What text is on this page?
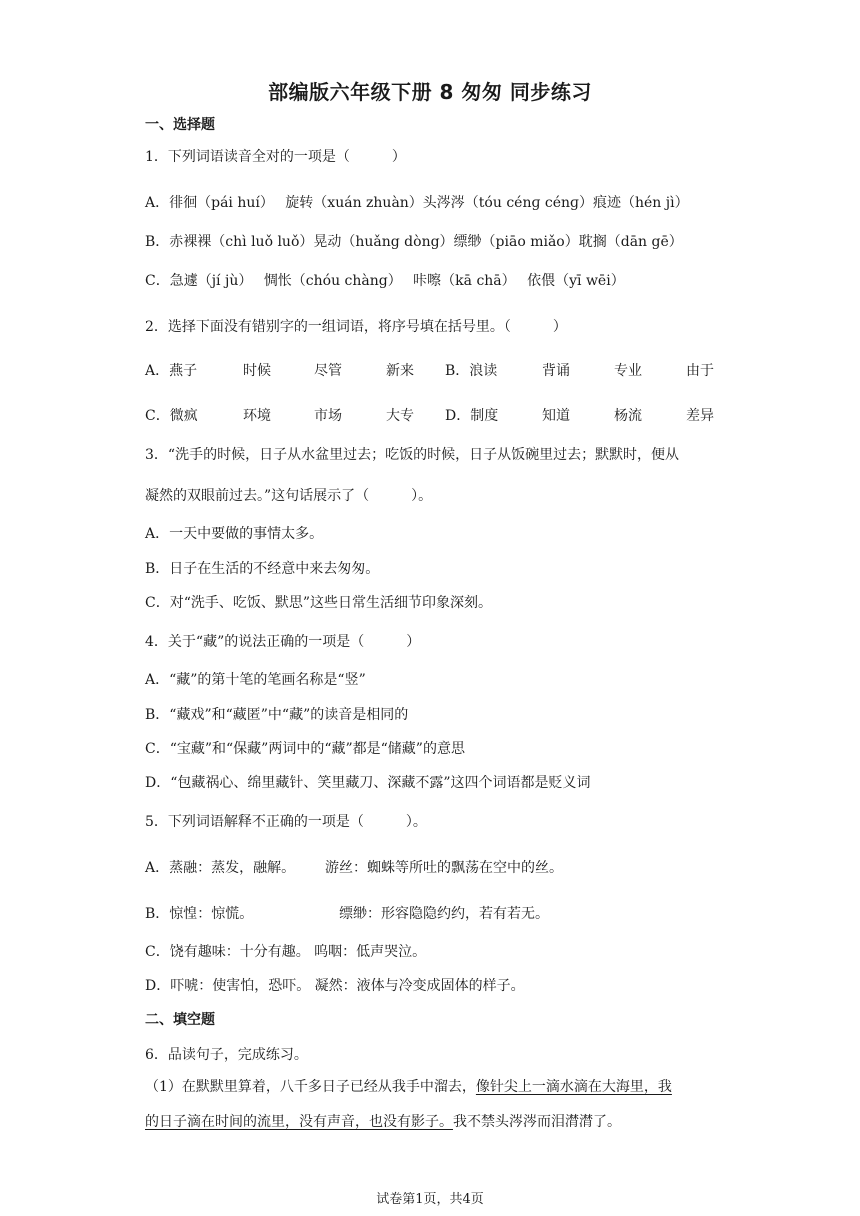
部编版六年级下册 8 匆匆 同步练习
一、选择题
1．下列词语读音全对的一项是（　　　）
A．徘徊（pái huí）　 旋转（xuán zhuàn）头涔涔（tóu cénɡ cénɡ）痕迹（hén jì）
B．赤裸裸（chì luǒ luǒ）晃动（huǎng dòng）缥缈（piāo miǎo）耽搁（dān gē）
C．急遽（jí jù）　 惆怅（chóu chàng）　 咔嚓（kā chā）　 依偎（yī wēi）
2．选择下面没有错别字的一组词语，将序号填在括号里。（　　　）
A．燕子	时候	尽管	新来 B．浪读	背诵	专业	由于
C．微疯	环境	市场	大专 D．制度	知道	杨流	差异
3．“洗手的时候，日子从水盆里过去；吃饭的时候，日子从饭碗里过去；默默时，便从
凝然的双眼前过去。”这句话展示了（　　　）。
A．一天中要做的事情太多。
B．日子在生活的不经意中来去匆匆。
C．对“洗手、吃饭、默思”这些日常生活细节印象深刻。
4．关于“藏”的说法正确的一项是（　　　）
A．“藏”的第十笔的笔画名称是“竖”
B．“藏戏”和“藏匿”中“藏”的读音是相同的
C．“宝藏”和“保藏”两词中的“藏”都是“储藏”的意思
D．“包藏祸心、绵里藏针、笑里藏刀、深藏不露”这四个词语都是贬义词
5．下列词语解释不正确的一项是（　　　）。
A．蒸融：蒸发，融解。 游丝：蜘蛛等所吐的飘荡在空中的丝。
B．惊惶：惊慌。	缥缈：形容隐隐约约，若有若无。
C．饶有趣味：十分有趣。 呜咽：低声哭泣。
D．吓唬：使害怕，恐吓。 凝然：液体与冷变成固体的样子。
二、填空题
6．品读句子，完成练习。
（1）在默默里算着，八千多日子已经从我手中溜去，像针尖上一滴水滴在大海里，我
的日子滴在时间的流里，没有声音，也没有影子。我不禁头涔涔而泪潸潸了。
试卷第1页，共4页
